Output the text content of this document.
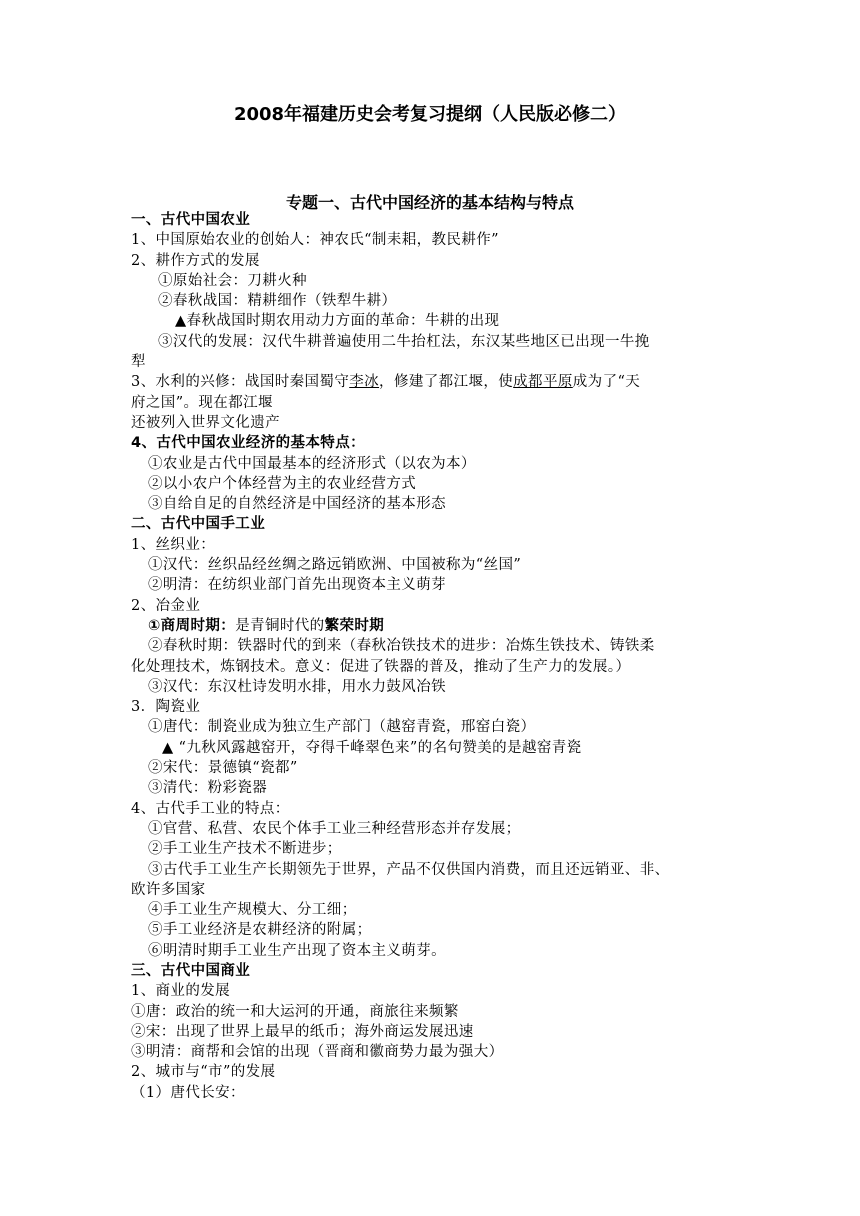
2008年福建历史会考复习提纲（人民版必修二）
专题一、古代中国经济的基本结构与特点
一、古代中国农业
1、中国原始农业的创始人：神农氏“制耒耜，教民耕作”
2、耕作方式的发展
①原始社会：刀耕火种
②春秋战国：精耕细作（铁犁牛耕）
▲春秋战国时期农用动力方面的革命：牛耕的出现
③汉代的发展：汉代牛耕普遍使用二牛抬杠法，东汉某些地区已出现一牛挽
犁
3、水利的兴修：战国时秦国蜀守李冰，修建了都江堰，使成都平原成为了“天
府之国”。现在都江堰
还被列入世界文化遗产
4、古代中国农业经济的基本特点：
①农业是古代中国最基本的经济形式（以农为本）
②以小农户个体经营为主的农业经营方式
③自给自足的自然经济是中国经济的基本形态
二、古代中国手工业
1、丝织业：
①汉代：丝织品经丝绸之路远销欧洲、中国被称为“丝国”
②明清：在纺织业部门首先出现资本主义萌芽
2、冶金业
①商周时期：是青铜时代的繁荣时期
②春秋时期：铁器时代的到来（春秋冶铁技术的进步：冶炼生铁技术、铸铁柔
化处理技术，炼钢技术。意义：促进了铁器的普及，推动了生产力的发展。）
③汉代：东汉杜诗发明水排，用水力鼓风冶铁
3．陶瓷业
①唐代：制瓷业成为独立生产部门（越窑青瓷，邢窑白瓷）
▲ “九秋风露越窑开，夺得千峰翠色来”的名句赞美的是越窑青瓷
②宋代：景德镇“瓷都”
③清代：粉彩瓷器
4、古代手工业的特点：
①官营、私营、农民个体手工业三种经营形态并存发展；
②手工业生产技术不断进步；
③古代手工业生产长期领先于世界，产品不仅供国内消费，而且还远销亚、非、
欧许多国家
④手工业生产规模大、分工细；
⑤手工业经济是农耕经济的附属；
⑥明清时期手工业生产出现了资本主义萌芽。
三、古代中国商业
1、商业的发展
①唐：政治的统一和大运河的开通，商旅往来频繁
②宋：出现了世界上最早的纸币；海外商运发展迅速
③明清：商帮和会馆的出现（晋商和徽商势力最为强大）
2、城市与“市”的发展
（1）唐代长安：
